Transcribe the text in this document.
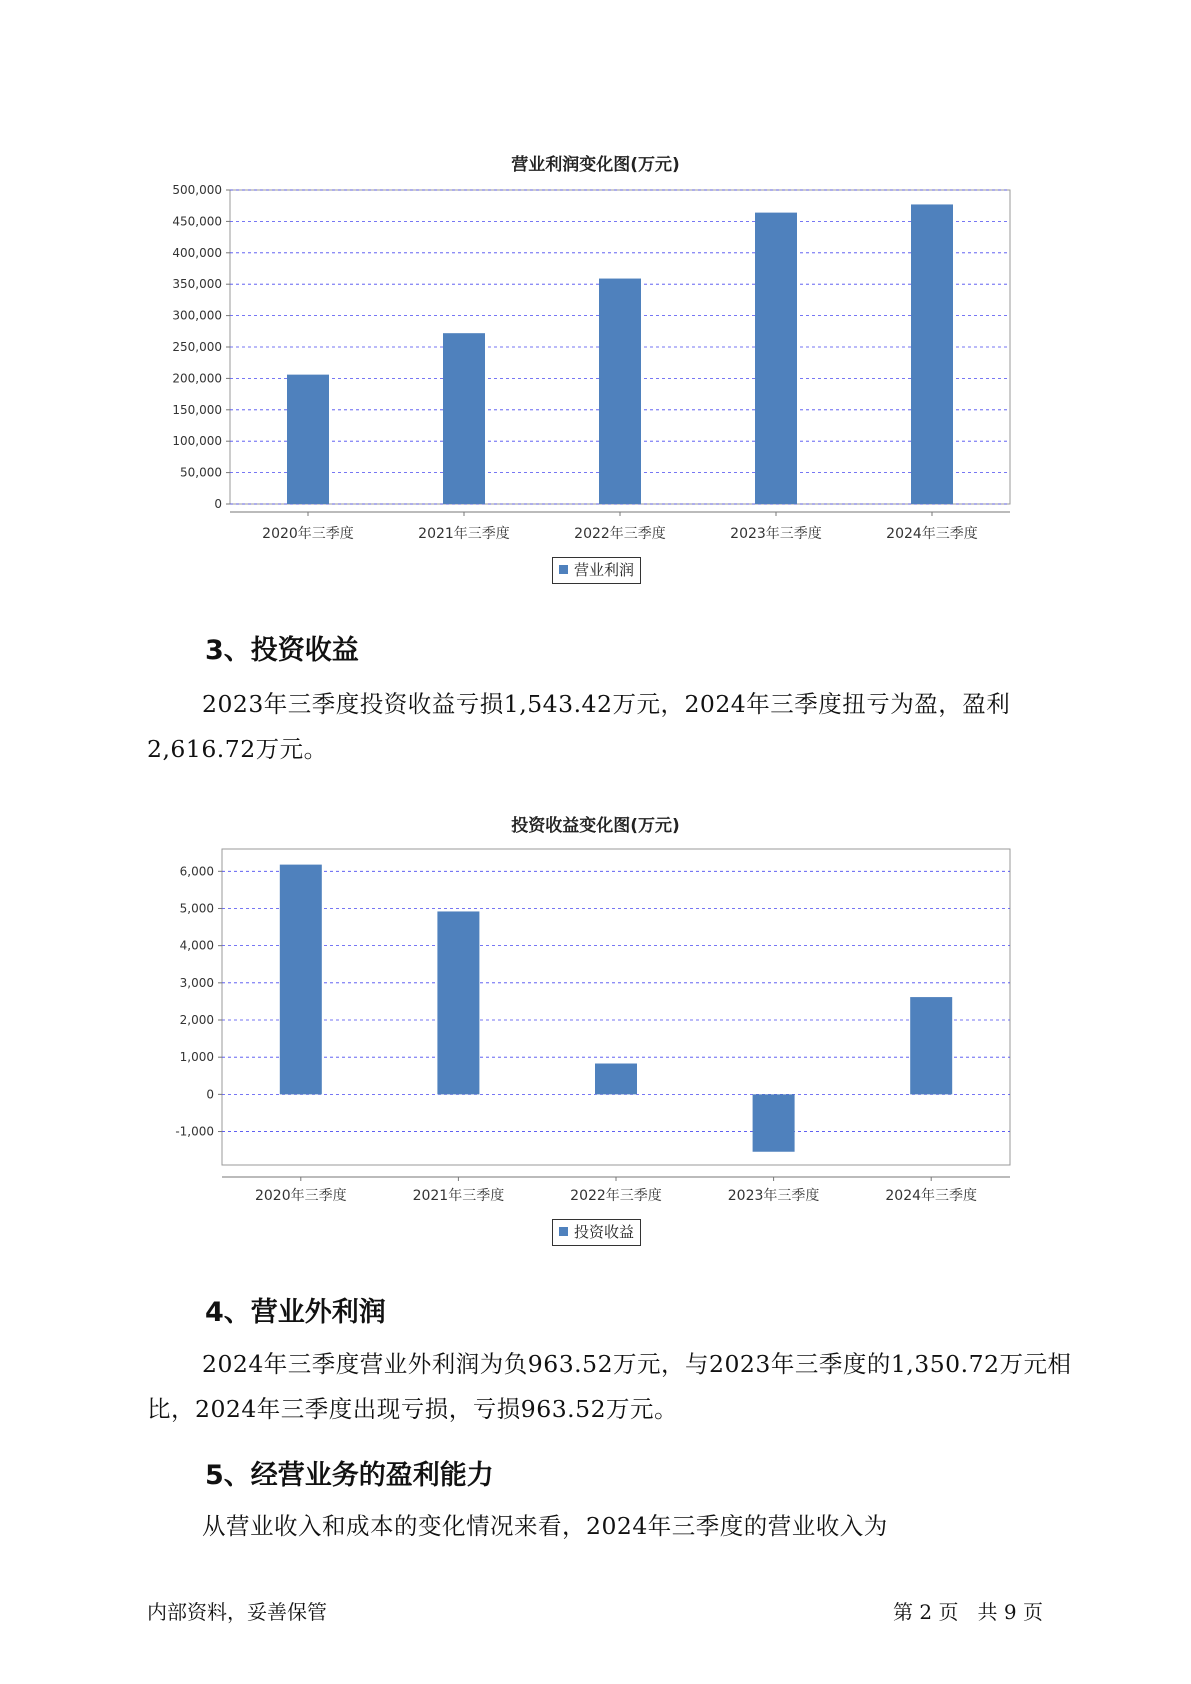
营业利润变化图(万元)
0
50,000
100,000
150,000
200,000
250,000
300,000
350,000
400,000
450,000
500,000
2020年三季度	2021年三季度	2022年三季度	2023年三季度	2024年三季度
营业利润
3、投资收益
2023年三季度投资收益亏损1,543.42万元，2024年三季度扭亏为盈，盈利2,616.72万元。
投资收益变化图(万元)
-1,000
0
1,000
2,000
3,000
4,000
5,000
6,000
2020年三季度	2021年三季度	2022年三季度	2023年三季度	2024年三季度
投资收益
4、营业外利润
2024年三季度营业外利润为负963.52万元，与2023年三季度的1,350.72万元相比，2024年三季度出现亏损，亏损963.52万元。
5、经营业务的盈利能力
从营业收入和成本的变化情况来看，2024年三季度的营业收入为
内部资料，妥善保管	第 2 页   共 9 页
